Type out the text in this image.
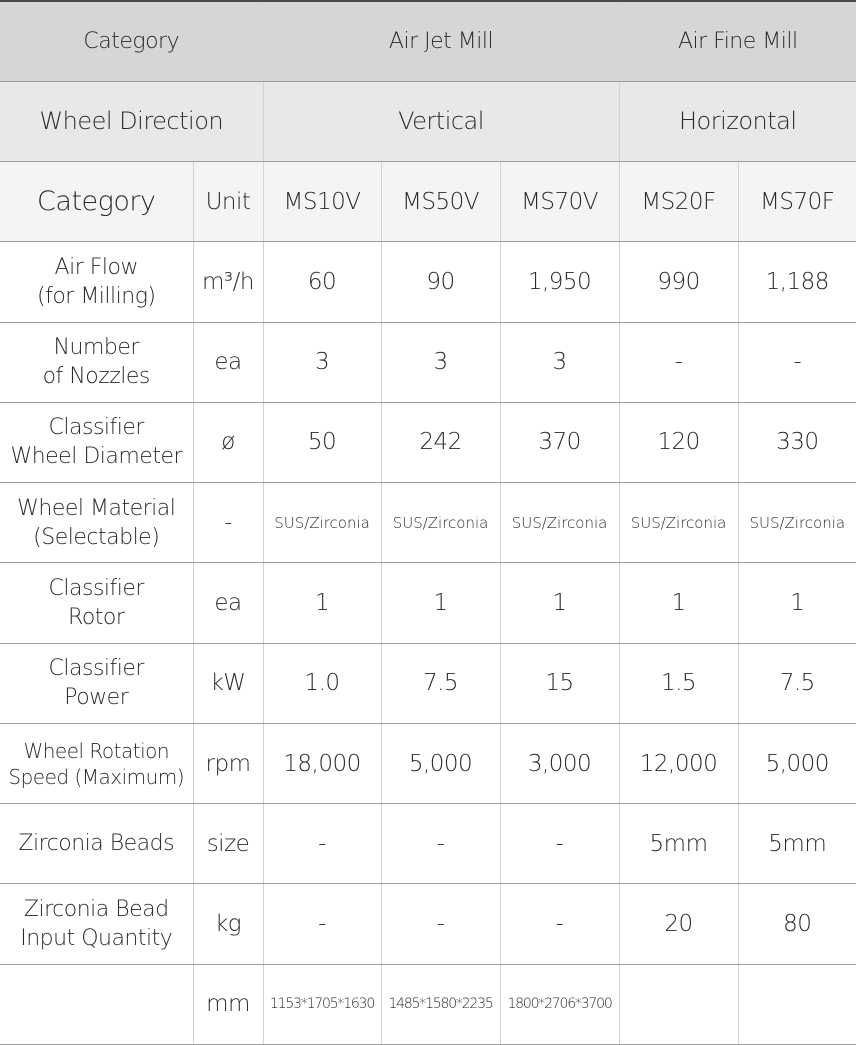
Category		Air Jet Mill			Air Fine Mill	
Wheel Direction		Vertical			Horizontal	
Category	Unit	MS10V	MS50V	MS70V	MS20F	MS70F

Air Flow
(for Milling)	m³/h	60	90	1,950	990	1,188

Number
of Nozzles	ea	3	3	3	-	-

Classifier
Wheel Diameter	ø	50	242	370	120	330

Wheel Material
(Selectable)	-	SUS/Zirconia	SUS/Zirconia	SUS/Zirconia	SUS/Zirconia	SUS/Zirconia

Classifier
Rotor	ea	1	1	1	1	1

Classifier
Power	kW	1.0	7.5	15	1.5	7.5

Wheel Rotation
Speed (Maximum)	rpm	18,000	5,000	3,000	12,000	5,000

Zirconia Beads	size	-	-	-	5mm	5mm

Zirconia Bead
Input Quantity	kg	-	-	-	20	80
	mm	1153*1705*1630	1485*1580*2235	1800*2706*3700		
